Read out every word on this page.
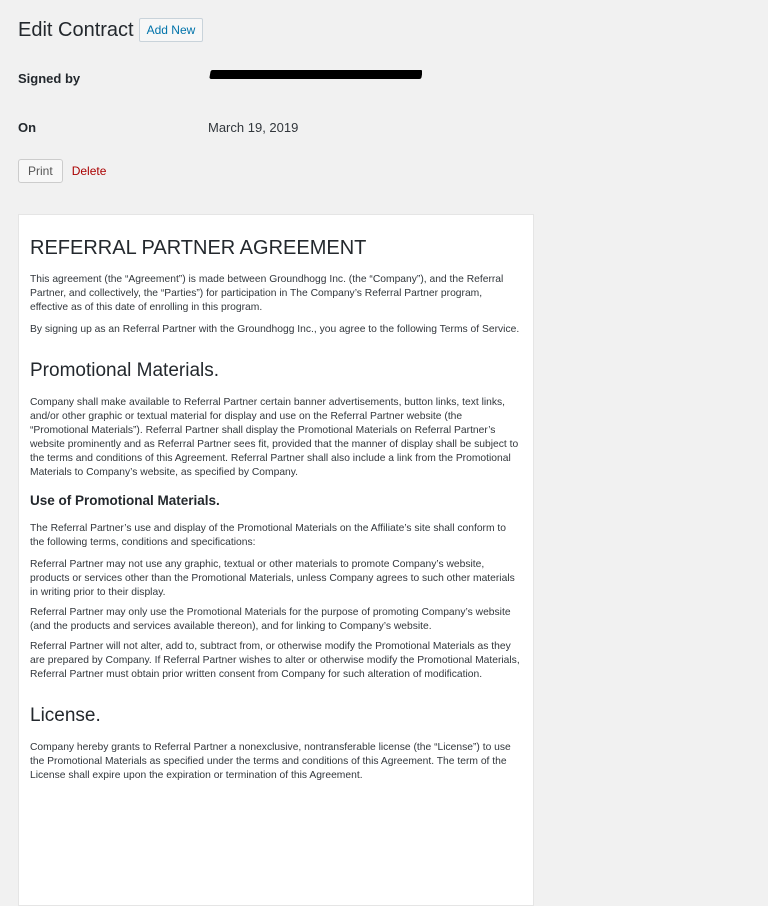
Edit Contract	Add New
Signed by
On	March 19, 2019
Print	Delete
REFERRAL PARTNER AGREEMENT

This agreement (the “Agreement”) is made between Groundhogg Inc. (the “Company”), and the Referral Partner, and collectively, the “Parties”) for participation in The Company’s Referral Partner program, effective as of this date of enrolling in this program.

By signing up as an Referral Partner with the Groundhogg Inc., you agree to the following Terms of Service.

Promotional Materials.

Company shall make available to Referral Partner certain banner advertisements, button links, text links, and/or other graphic or textual material for display and use on the Referral Partner website (the “Promotional Materials”). Referral Partner shall display the Promotional Materials on Referral Partner’s website prominently and as Referral Partner sees fit, provided that the manner of display shall be subject to the terms and conditions of this Agreement. Referral Partner shall also include a link from the Promotional Materials to Company’s website, as specified by Company.

Use of Promotional Materials.

The Referral Partner’s use and display of the Promotional Materials on the Affiliate’s site shall conform to the following terms, conditions and specifications:

Referral Partner may not use any graphic, textual or other materials to promote Company’s website, products or services other than the Promotional Materials, unless Company agrees to such other materials in writing prior to their display.

Referral Partner may only use the Promotional Materials for the purpose of promoting Company’s website (and the products and services available thereon), and for linking to Company’s website.

Referral Partner will not alter, add to, subtract from, or otherwise modify the Promotional Materials as they are prepared by Company. If Referral Partner wishes to alter or otherwise modify the Promotional Materials, Referral Partner must obtain prior written consent from Company for such alteration of modification.

License.

Company hereby grants to Referral Partner a nonexclusive, nontransferable license (the “License”) to use the Promotional Materials as specified under the terms and conditions of this Agreement. The term of the License shall expire upon the expiration or termination of this Agreement.
